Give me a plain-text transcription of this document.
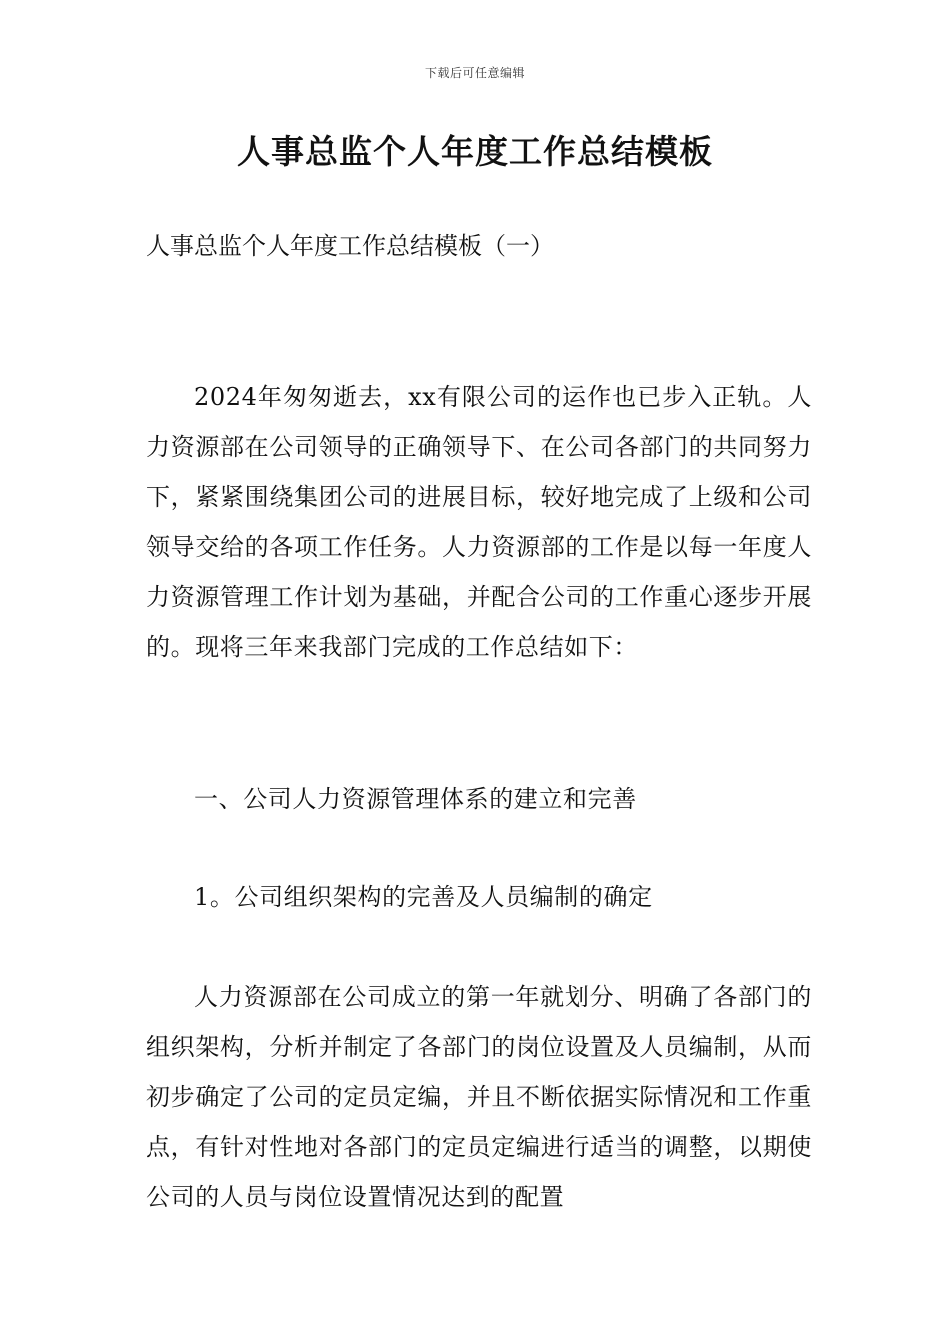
下载后可任意编辑
人事总监个人年度工作总结模板

人事总监个人年度工作总结模板（一）

2024年匆匆逝去，xx有限公司的运作也已步入正轨。人力资源部在公司领导的正确领导下、在公司各部门的共同努力下，紧紧围绕集团公司的进展目标，较好地完成了上级和公司领导交给的各项工作任务。人力资源部的工作是以每一年度人力资源管理工作计划为基础，并配合公司的工作重心逐步开展的。现将三年来我部门完成的工作总结如下：

一、公司人力资源管理体系的建立和完善

1。公司组织架构的完善及人员编制的确定

人力资源部在公司成立的第一年就划分、明确了各部门的组织架构，分析并制定了各部门的岗位设置及人员编制，从而初步确定了公司的定员定编，并且不断依据实际情况和工作重点，有针对性地对各部门的定员定编进行适当的调整，以期使公司的人员与岗位设置情况达到的配置
